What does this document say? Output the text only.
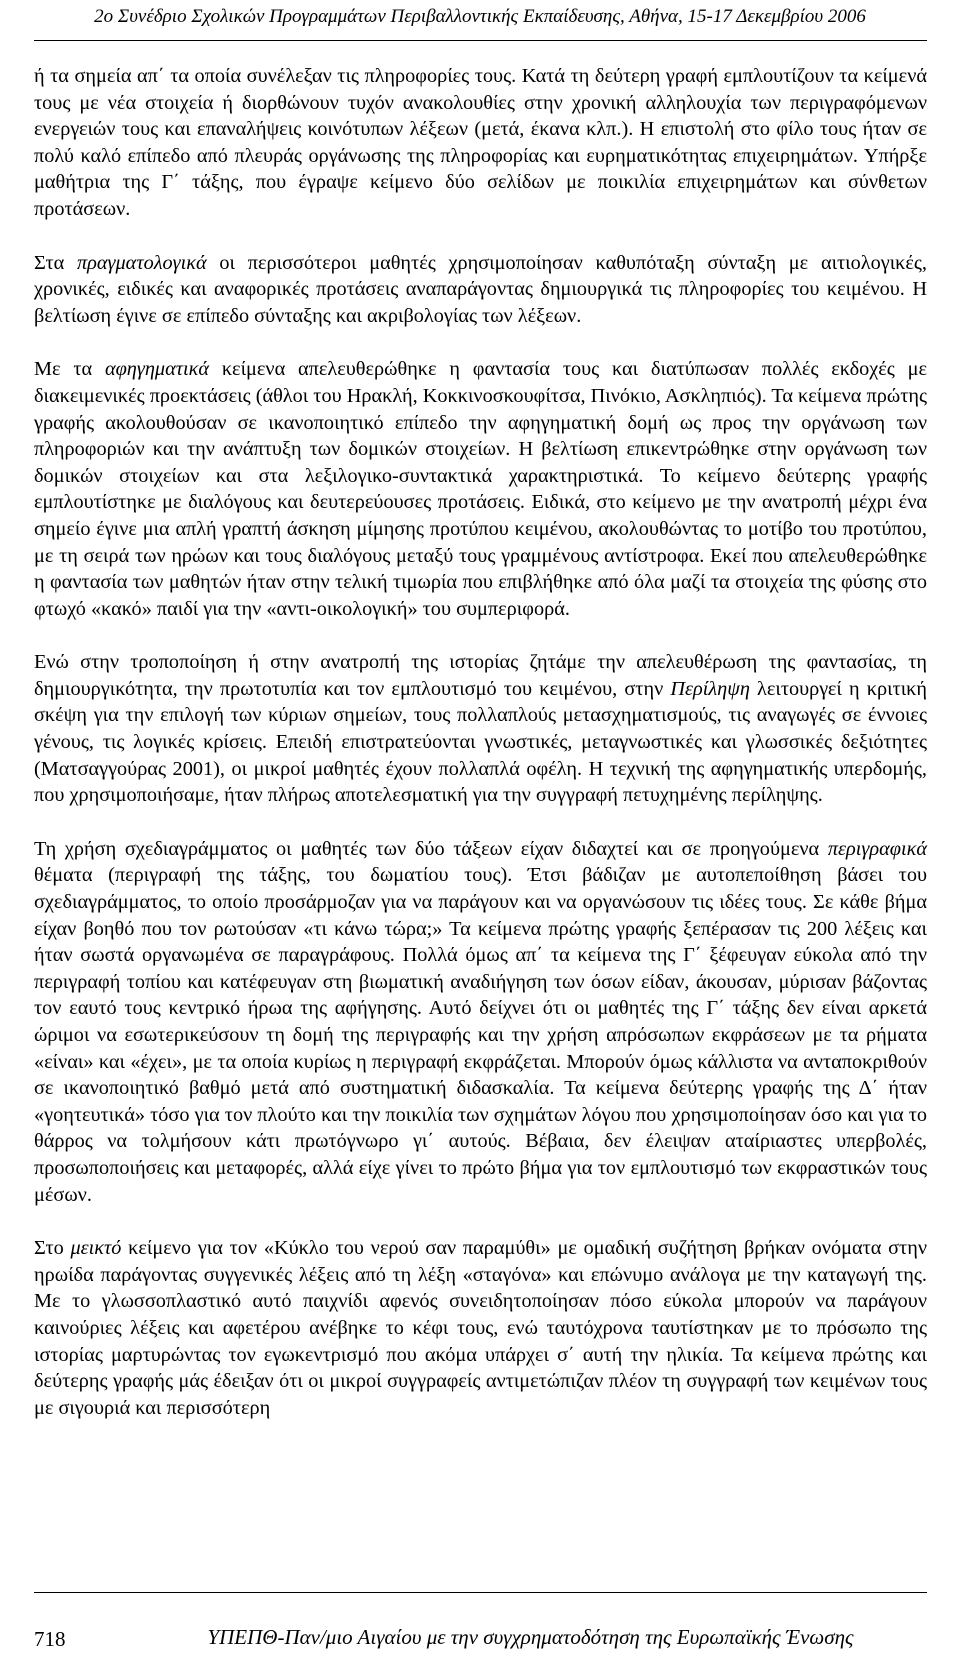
2ο Συνέδριο Σχολικών Προγραμμάτων Περιβαλλοντικής Εκπαίδευσης, Αθήνα, 15-17 Δεκεμβρίου 2006

ή τα σημεία απ΄ τα οποία συνέλεξαν τις πληροφορίες τους. Κατά τη δεύτερη γραφή εμπλουτίζουν τα κείμενά τους με νέα στοιχεία ή διορθώνουν τυχόν ανακολουθίες στην χρονική αλληλουχία των περιγραφόμενων ενεργειών τους και επαναλήψεις κοινότυπων λέξεων (μετά, έκανα κλπ.). Η επιστολή στο φίλο τους ήταν σε πολύ καλό επίπεδο από πλευράς οργάνωσης της πληροφορίας και ευρηματικότητας επιχειρημάτων. Υπήρξε μαθήτρια της Γ΄ τάξης, που έγραψε κείμενο δύο σελίδων με ποικιλία επιχειρημάτων και σύνθετων προτάσεων.

Στα πραγματολογικά οι περισσότεροι μαθητές χρησιμοποίησαν καθυπόταξη σύνταξη με αιτιολογικές, χρονικές, ειδικές και αναφορικές προτάσεις αναπαράγοντας δημιουργικά τις πληροφορίες του κειμένου. Η βελτίωση έγινε σε επίπεδο σύνταξης και ακριβολογίας των λέξεων.

Με τα αφηγηματικά κείμενα απελευθερώθηκε η φαντασία τους και διατύπωσαν πολλές εκδοχές με διακειμενικές προεκτάσεις (άθλοι του Ηρακλή, Κοκκινοσκουφίτσα, Πινόκιο, Ασκληπιός). Τα κείμενα πρώτης γραφής ακολουθούσαν σε ικανοποιητικό επίπεδο την αφηγηματική δομή ως προς την οργάνωση των πληροφοριών και την ανάπτυξη των δομικών στοιχείων. Η βελτίωση επικεντρώθηκε στην οργάνωση των δομικών στοιχείων και στα λεξιλογικο-συντακτικά χαρακτηριστικά. Το κείμενο δεύτερης γραφής εμπλουτίστηκε με διαλόγους και δευτερεύουσες προτάσεις. Ειδικά, στο κείμενο με την ανατροπή μέχρι ένα σημείο έγινε μια απλή γραπτή άσκηση μίμησης προτύπου κειμένου, ακολουθώντας το μοτίβο του προτύπου, με τη σειρά των ηρώων και τους διαλόγους μεταξύ τους γραμμένους αντίστροφα. Εκεί που απελευθερώθηκε η φαντασία των μαθητών ήταν στην τελική τιμωρία που επιβλήθηκε από όλα μαζί τα στοιχεία της φύσης στο φτωχό «κακό» παιδί για την «αντι-οικολογική» του συμπεριφορά.

Ενώ στην τροποποίηση ή στην ανατροπή της ιστορίας ζητάμε την απελευθέρωση της φαντασίας, τη δημιουργικότητα, την πρωτοτυπία και τον εμπλουτισμό του κειμένου, στην Περίληψη λειτουργεί η κριτική σκέψη για την επιλογή των κύριων σημείων, τους πολλαπλούς μετασχηματισμούς, τις αναγωγές σε έννοιες γένους, τις λογικές κρίσεις. Επειδή επιστρατεύονται γνωστικές, μεταγνωστικές και γλωσσικές δεξιότητες (Ματσαγγούρας 2001), οι μικροί μαθητές έχουν πολλαπλά οφέλη. Η τεχνική της αφηγηματικής υπερδομής, που χρησιμοποιήσαμε, ήταν πλήρως αποτελεσματική για την συγγραφή πετυχημένης περίληψης.

Τη χρήση σχεδιαγράμματος οι μαθητές των δύο τάξεων είχαν διδαχτεί και σε προηγούμενα περιγραφικά θέματα (περιγραφή της τάξης, του δωματίου τους). Έτσι βάδιζαν με αυτοπεποίθηση βάσει του σχεδιαγράμματος, το οποίο προσάρμοζαν για να παράγουν και να οργανώσουν τις ιδέες τους. Σε κάθε βήμα είχαν βοηθό που τον ρωτούσαν «τι κάνω τώρα;» Τα κείμενα πρώτης γραφής ξεπέρασαν τις 200 λέξεις και ήταν σωστά οργανωμένα σε παραγράφους. Πολλά όμως απ΄ τα κείμενα της Γ΄ ξέφευγαν εύκολα από την περιγραφή τοπίου και κατέφευγαν στη βιωματική αναδιήγηση των όσων είδαν, άκουσαν, μύρισαν βάζοντας τον εαυτό τους κεντρικό ήρωα της αφήγησης. Αυτό δείχνει ότι οι μαθητές της Γ΄ τάξης δεν είναι αρκετά ώριμοι να εσωτερικεύσουν τη δομή της περιγραφής και την χρήση απρόσωπων εκφράσεων με τα ρήματα «είναι» και «έχει», με τα οποία κυρίως η περιγραφή εκφράζεται. Μπορούν όμως κάλλιστα να ανταποκριθούν σε ικανοποιητικό βαθμό μετά από συστηματική διδασκαλία. Τα κείμενα δεύτερης γραφής της Δ΄ ήταν «γοητευτικά» τόσο για τον πλούτο και την ποικιλία των σχημάτων λόγου που χρησιμοποίησαν όσο και για το θάρρος να τολμήσουν κάτι πρωτόγνωρο γι΄ αυτούς. Βέβαια, δεν έλειψαν αταίριαστες υπερβολές, προσωποποιήσεις και μεταφορές, αλλά είχε γίνει το πρώτο βήμα για τον εμπλουτισμό των εκφραστικών τους μέσων.

Στο μεικτό κείμενο για τον «Κύκλο του νερού σαν παραμύθι» με ομαδική συζήτηση βρήκαν ονόματα στην ηρωίδα παράγοντας συγγενικές λέξεις από τη λέξη «σταγόνα» και επώνυμο ανάλογα με την καταγωγή της. Με το γλωσσοπλαστικό αυτό παιχνίδι αφενός συνειδητοποίησαν πόσο εύκολα μπορούν να παράγουν καινούριες λέξεις και αφετέρου ανέβηκε το κέφι τους, ενώ ταυτόχρονα ταυτίστηκαν με το πρόσωπο της ιστορίας μαρτυρώντας τον εγωκεντρισμό που ακόμα υπάρχει σ΄ αυτή την ηλικία. Τα κείμενα πρώτης και δεύτερης γραφής μάς έδειξαν ότι οι μικροί συγγραφείς αντιμετώπιζαν πλέον τη συγγραφή των κειμένων τους με σιγουριά και περισσότερη

718	ΥΠΕΠΘ-Παν/μιο Αιγαίου με την συγχρηματοδότηση της Ευρωπαϊκής Ένωσης
